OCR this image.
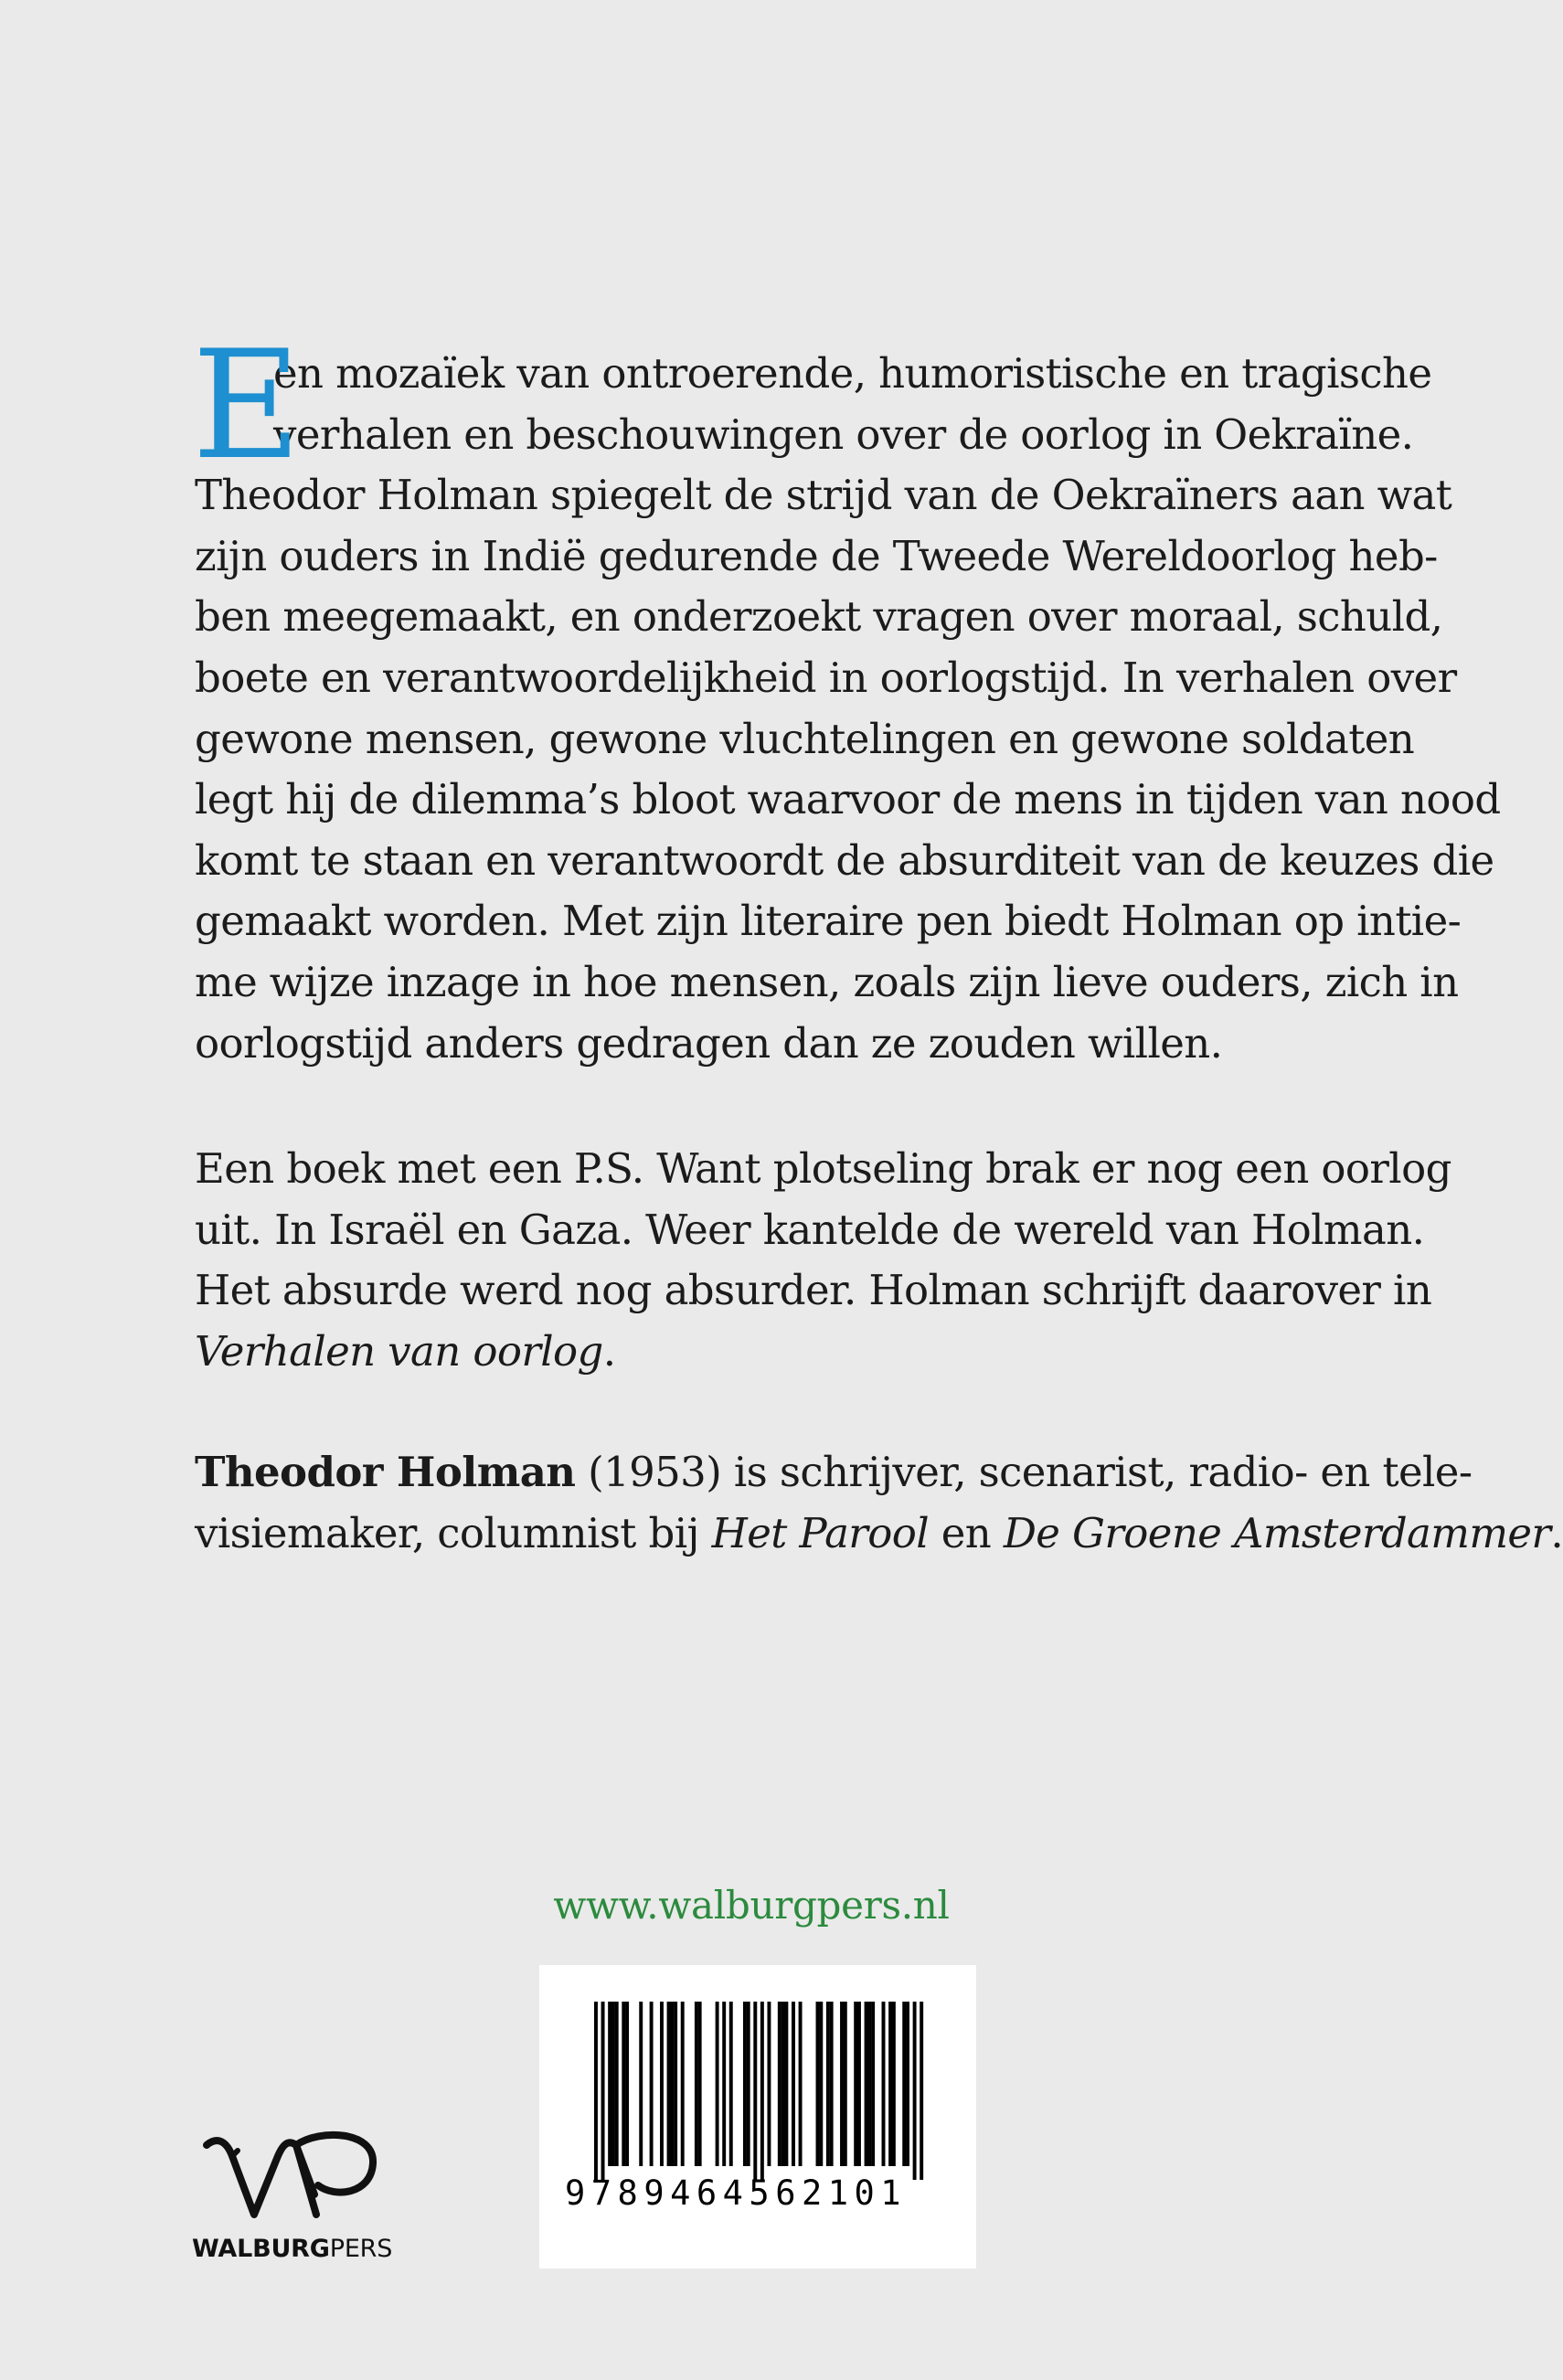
E
en mozaïek van ontroerende, humoristische en tragische
verhalen en beschouwingen over de oorlog in Oekraïne.
Theodor Holman spiegelt de strijd van de Oekraïners aan wat
zijn ouders in Indië gedurende de Tweede Wereldoorlog heb-
ben meegemaakt, en onderzoekt vragen over moraal, schuld,
boete en verantwoordelijkheid in oorlogstijd. In verhalen over
gewone mensen, gewone vluchtelingen en gewone soldaten
legt hij de dilemma’s bloot waarvoor de mens in tijden van nood
komt te staan en verantwoordt de absurditeit van de keuzes die
gemaakt worden. Met zijn literaire pen biedt Holman op intie-
me wijze inzage in hoe mensen, zoals zijn lieve ouders, zich in
oorlogstijd anders gedragen dan ze zouden willen.
Een boek met een P.S. Want plotseling brak er nog een oorlog
uit. In Israël en Gaza. Weer kantelde de wereld van Holman.
Het absurde werd nog absurder. Holman schrijft daarover in
Verhalen van oorlog.
Theodor Holman (1953) is schrijver, scenarist, radio- en tele-
visiemaker, columnist bij Het Parool en De Groene Amsterdammer.
www.walburgpers.nl
9789464562101
WALBURGPERS
